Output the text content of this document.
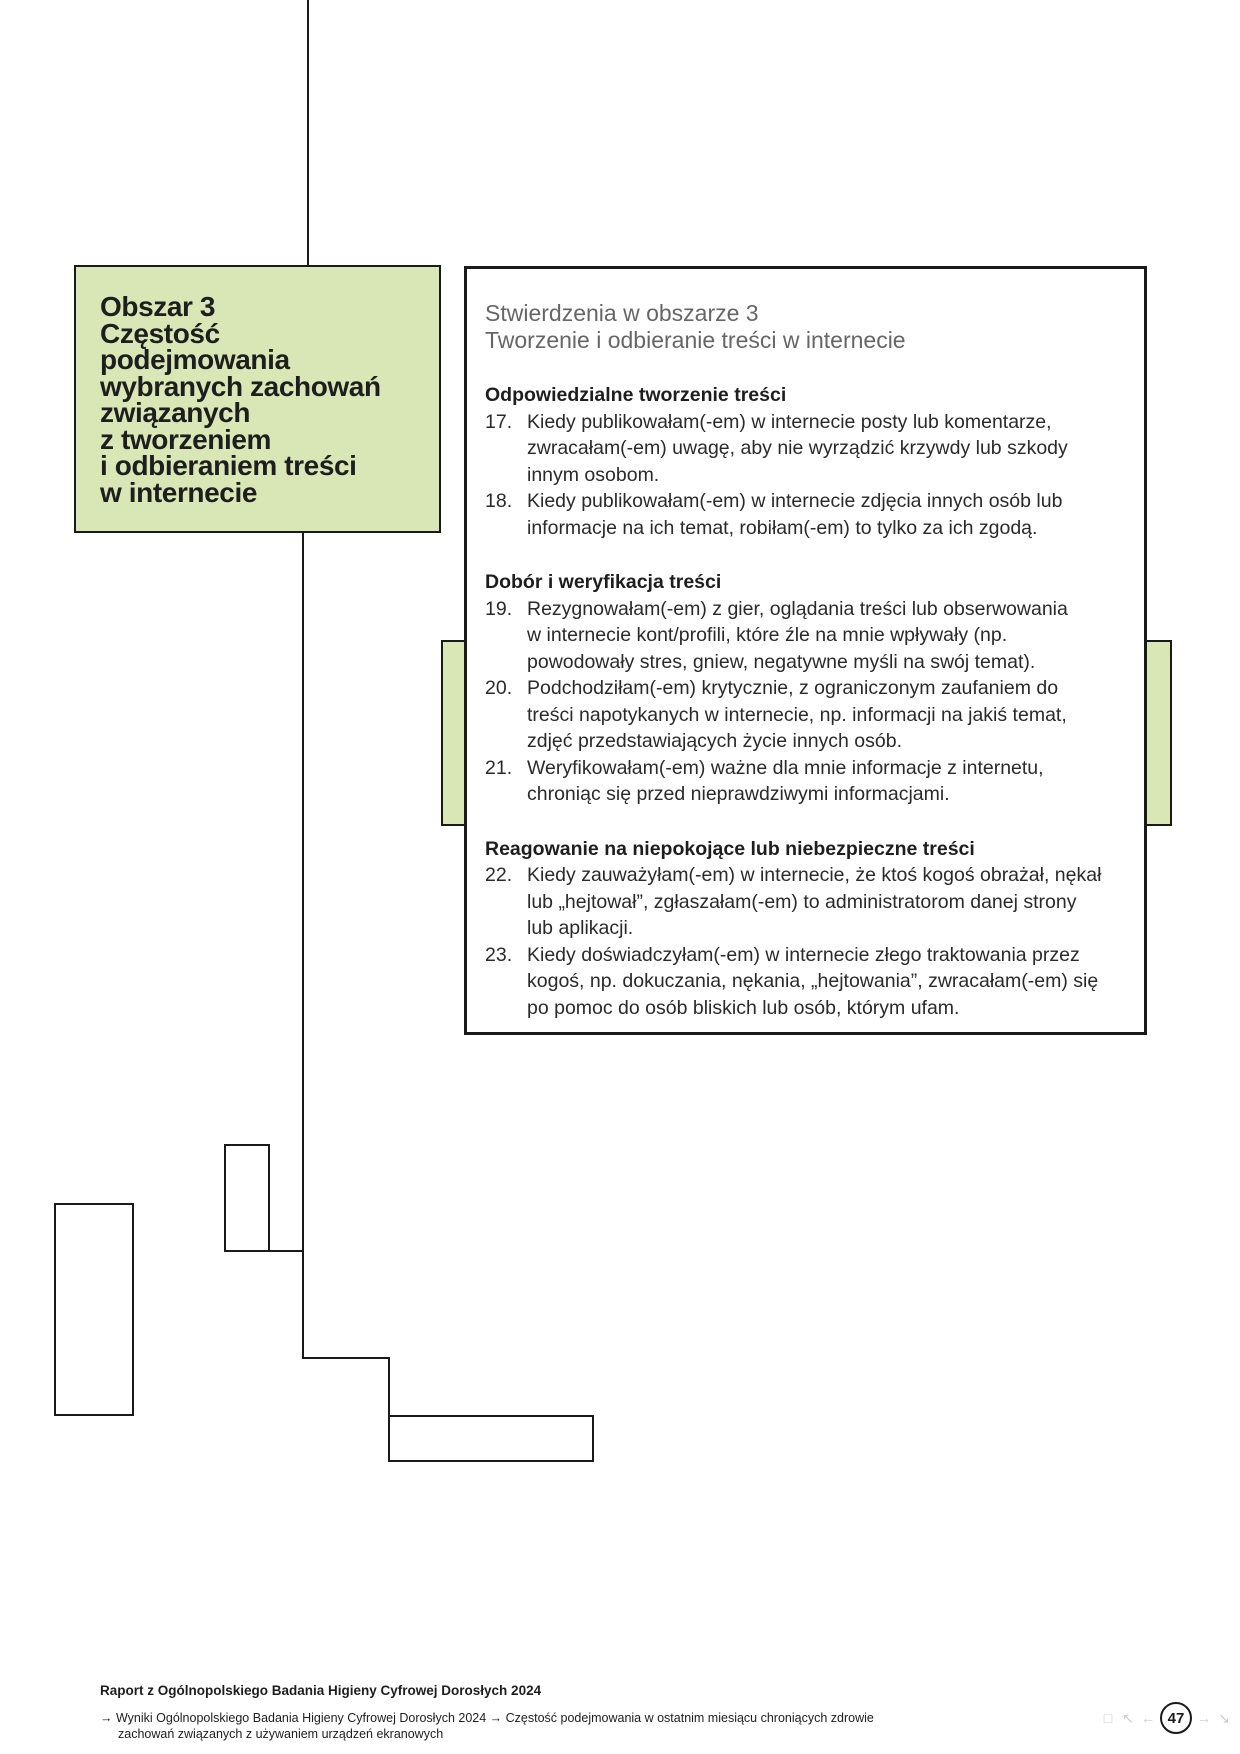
Obszar 3
Częstość
podejmowania
wybranych zachowań
związanych
z tworzeniem
i odbieraniem treści
w internecie
Stwierdzenia w obszarze 3
Tworzenie i odbieranie treści w internecie
Odpowiedzialne tworzenie treści
17. Kiedy publikowałam(-em) w internecie posty lub komentarze,
zwracałam(-em) uwagę, aby nie wyrządzić krzywdy lub szkody
innym osobom.
18. Kiedy publikowałam(-em) w internecie zdjęcia innych osób lub
informacje na ich temat, robiłam(-em) to tylko za ich zgodą.
Dobór i weryfikacja treści
19. Rezygnowałam(-em) z gier, oglądania treści lub obserwowania
w internecie kont/profili, które źle na mnie wpływały (np.
powodowały stres, gniew, negatywne myśli na swój temat).
20. Podchodziłam(-em) krytycznie, z ograniczonym zaufaniem do
treści napotykanych w internecie, np. informacji na jakiś temat,
zdjęć przedstawiających życie innych osób.
21. Weryfikowałam(-em) ważne dla mnie informacje z internetu,
chroniąc się przed nieprawdziwymi informacjami.
Reagowanie na niepokojące lub niebezpieczne treści
22. Kiedy zauważyłam(-em) w internecie, że ktoś kogoś obrażał, nękał
lub „hejtował”, zgłaszałam(-em) to administratorom danej strony
lub aplikacji.
23. Kiedy doświadczyłam(-em) w internecie złego traktowania przez
kogoś, np. dokuczania, nękania, „hejtowania”, zwracałam(-em) się
po pomoc do osób bliskich lub osób, którym ufam.
Raport z Ogólnopolskiego Badania Higieny Cyfrowej Dorosłych 2024
→ Wyniki Ogólnopolskiego Badania Higieny Cyfrowej Dorosłych 2024 → Częstość podejmowania w ostatnim miesiącu chroniących zdrowie
zachowań związanych z używaniem urządzeń ekranowych
□ ↖ ← 47 → ↘
